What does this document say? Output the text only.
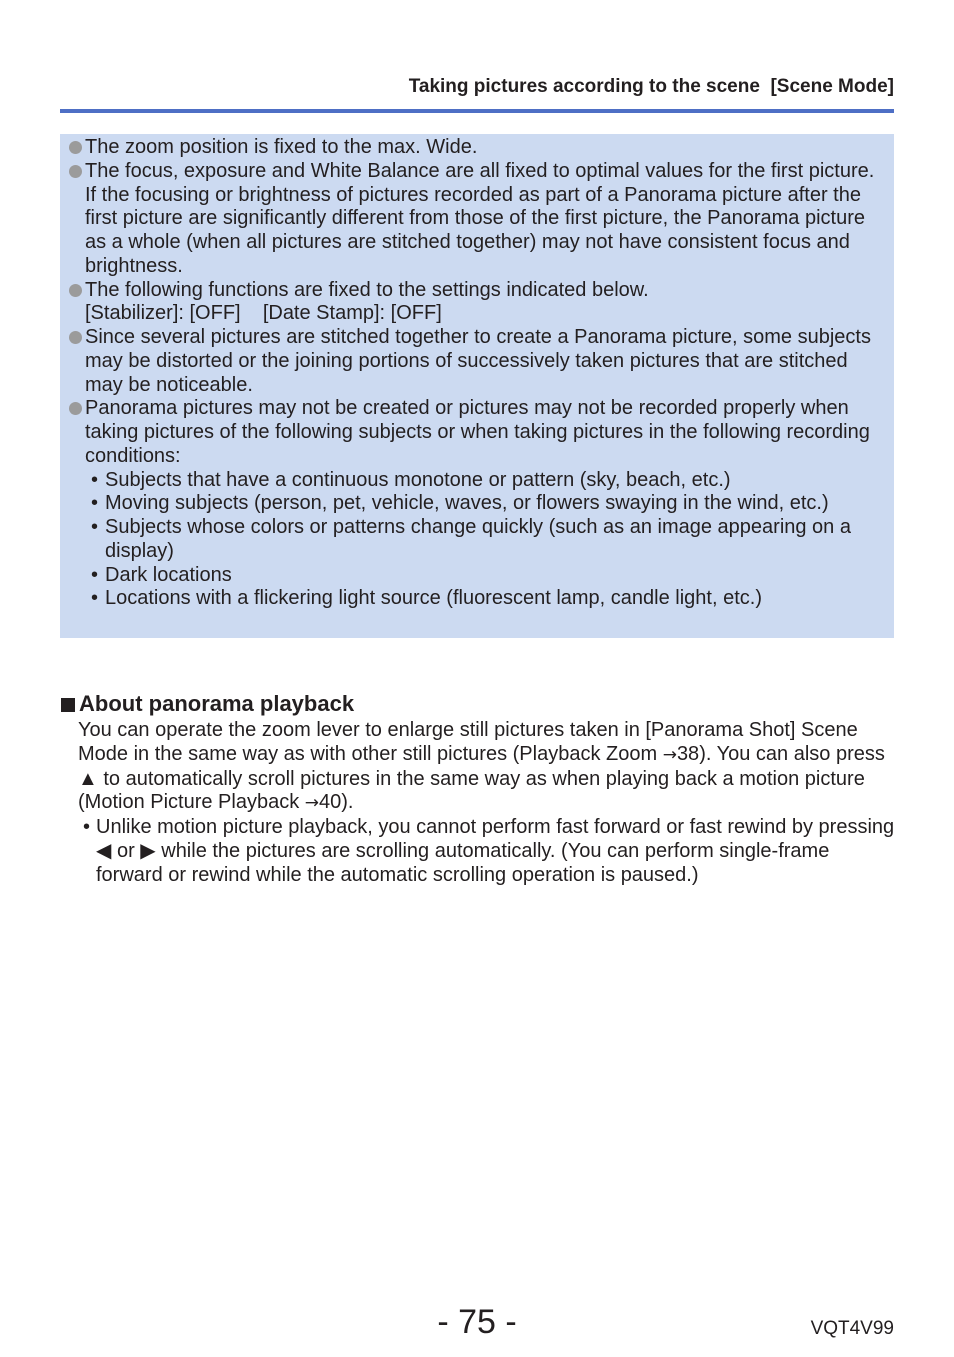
Taking pictures according to the scene  [Scene Mode]

The zoom position is fixed to the max. Wide.

The focus, exposure and White Balance are all fixed to optimal values for the first picture.

If the focusing or brightness of pictures recorded as part of a Panorama picture after the first picture are significantly different from those of the first picture, the Panorama picture as a whole (when all pictures are stitched together) may not have consistent focus and brightness.

The following functions are fixed to the settings indicated below.

[Stabilizer]: [OFF]    [Date Stamp]: [OFF]

Since several pictures are stitched together to create a Panorama picture, some subjects may be distorted or the joining portions of successively taken pictures that are stitched may be noticeable.

Panorama pictures may not be created or pictures may not be recorded properly when taking pictures of the following subjects or when taking pictures in the following recording conditions:

• Subjects that have a continuous monotone or pattern (sky, beach, etc.)
• Moving subjects (person, pet, vehicle, waves, or flowers swaying in the wind, etc.)
• Subjects whose colors or patterns change quickly (such as an image appearing on a display)
• Dark locations
• Locations with a flickering light source (fluorescent lamp, candle light, etc.)
About panorama playback

You can operate the zoom lever to enlarge still pictures taken in [Panorama Shot] Scene Mode in the same way as with other still pictures (Playback Zoom →38). You can also press ▲ to automatically scroll pictures in the same way as when playing back a motion picture (Motion Picture Playback →40).

• Unlike motion picture playback, you cannot perform fast forward or fast rewind by pressing ◀ or ▶ while the pictures are scrolling automatically. (You can perform single-frame forward or rewind while the automatic scrolling operation is paused.)

- 75 -	VQT4V99
